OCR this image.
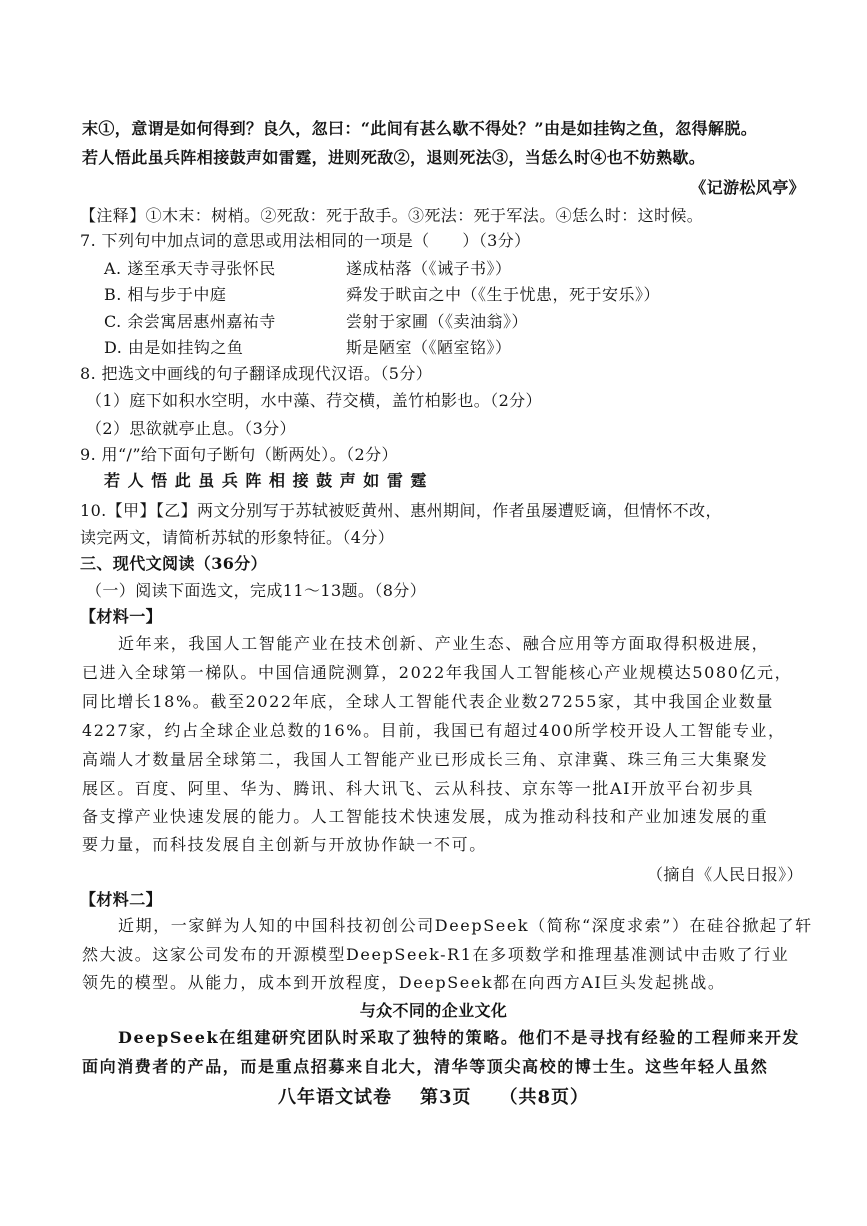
末①，意谓是如何得到？良久，忽曰：“此间有甚么歇不得处？”由是如挂钩之鱼，忽得解脱。
若人悟此虽兵阵相接鼓声如雷霆，进则死敌②，退则死法③，当恁么时④也不妨熟歇。
《记游松风亭》
【注释】①木末：树梢。②死敌：死于敌手。③死法：死于军法。④恁么时：这时候。
7. 下列句中加点词的意思或用法相同的一项是（　　）（3分）
A. 遂至承天寺寻张怀民	遂成枯落（《诫子书》）
B. 相与步于中庭	舜发于畎亩之中（《生于忧患，死于安乐》）
C. 余尝寓居惠州嘉祐寺	尝射于家圃（《卖油翁》）
D. 由是如挂钩之鱼	斯是陋室（《陋室铭》）
8. 把选文中画线的句子翻译成现代汉语。（5分）
（1）庭下如积水空明，水中藻、荇交横，盖竹柏影也。（2分）
（2）思欲就亭止息。（3分）
9. 用“/”给下面句子断句（断两处）。（2分）
若 人 悟 此 虽 兵 阵 相 接 鼓 声 如 雷 霆
10.【甲】【乙】两文分别写于苏轼被贬黄州、惠州期间，作者虽屡遭贬谪，但情怀不改，
读完两文，请简析苏轼的形象特征。（4分）
三、现代文阅读（36分）
（一）阅读下面选文，完成11～13题。（8分）
【材料一】
近年来，我国人工智能产业在技术创新、产业生态、融合应用等方面取得积极进展，
已进入全球第一梯队。中国信通院测算，2022年我国人工智能核心产业规模达5080亿元，
同比增长18%。截至2022年底，全球人工智能代表企业数27255家，其中我国企业数量
4227家，约占全球企业总数的16%。目前，我国已有超过400所学校开设人工智能专业，
高端人才数量居全球第二，我国人工智能产业已形成长三角、京津冀、珠三角三大集聚发
展区。百度、阿里、华为、腾讯、科大讯飞、云从科技、京东等一批AI开放平台初步具
备支撑产业快速发展的能力。人工智能技术快速发展，成为推动科技和产业加速发展的重
要力量，而科技发展自主创新与开放协作缺一不可。
（摘自《人民日报》）
【材料二】
近期，一家鲜为人知的中国科技初创公司DeepSeek（简称“深度求索”）在硅谷掀起了轩
然大波。这家公司发布的开源模型DeepSeek-R1在多项数学和推理基准测试中击败了行业
领先的模型。从能力，成本到开放程度，DeepSeek都在向西方AI巨头发起挑战。
与众不同的企业文化
DeepSeek在组建研究团队时采取了独特的策略。他们不是寻找有经验的工程师来开发
面向消费者的产品，而是重点招募来自北大，清华等顶尖高校的博士生。这些年轻人虽然
八年语文试卷 第3页 （共8页）
